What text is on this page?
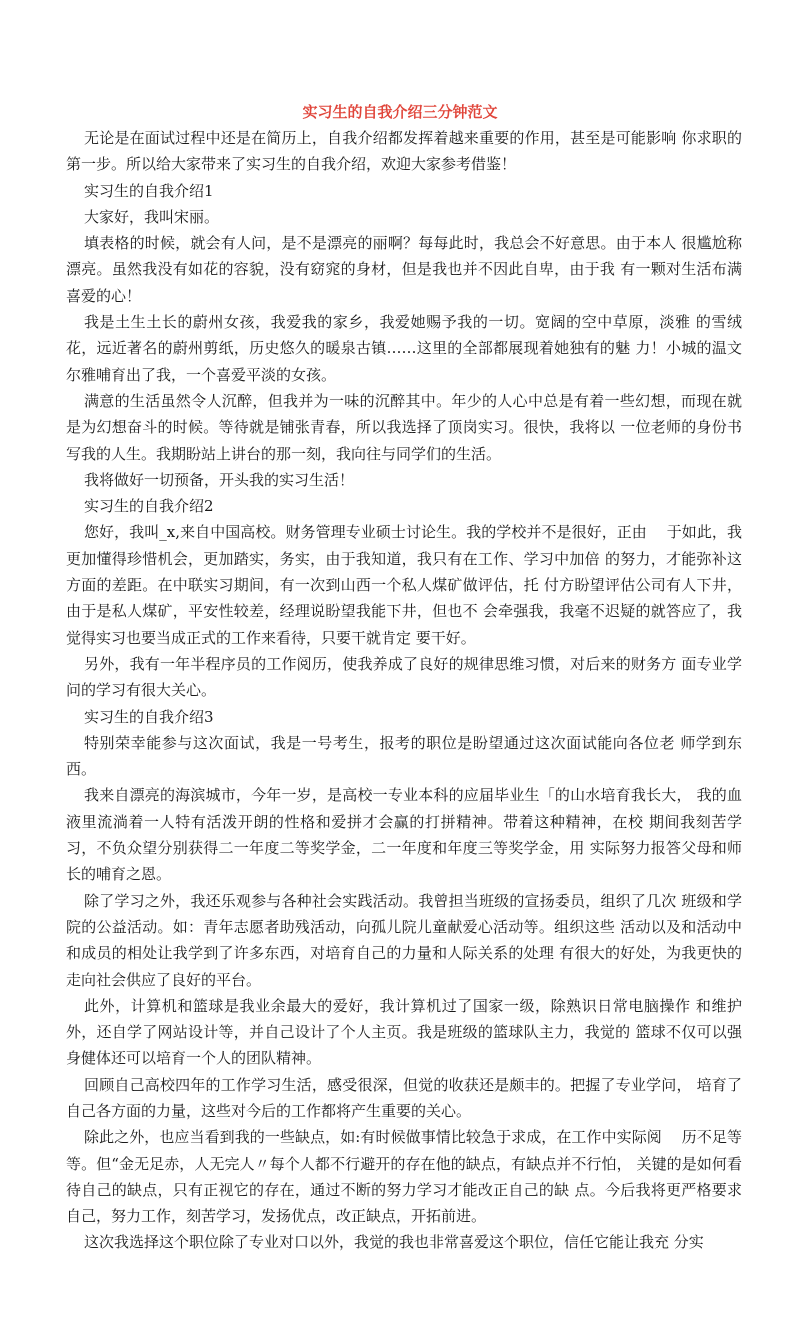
实习生的自我介绍三分钟范文

无论是在面试过程中还是在简历上，自我介绍都发挥着越来重要的作用，甚至是可能影响 你求职的第一步。所以给大家带来了实习生的自我介绍，欢迎大家参考借鉴！

实习生的自我介绍1

大家好，我叫宋丽。

填表格的时候，就会有人问，是不是漂亮的丽啊？每每此时，我总会不好意思。由于本人 很尴尬称漂亮。虽然我没有如花的容貌，没有窈窕的身材，但是我也并不因此自卑，由于我 有一颗对生活布满喜爱的心！

我是土生土长的蔚州女孩，我爱我的家乡，我爱她赐予我的一切。宽阔的空中草原，淡雅 的雪绒花，远近著名的蔚州剪纸，历史悠久的暖泉古镇……这里的全部都展现着她独有的魅 力！小城的温文尔雅哺育出了我，一个喜爱平淡的女孩。

满意的生活虽然令人沉醉，但我并为一味的沉醉其中。年少的人心中总是有着一些幻想，而现在就是为幻想奋斗的时候。等待就是铺张青春，所以我选择了顶岗实习。很快，我将以 一位老师的身份书写我的人生。我期盼站上讲台的那一刻，我向往与同学们的生活。

我将做好一切预备，开头我的实习生活！

实习生的自我介绍2

您好，我叫_x,来自中国高校。财务管理专业硕士讨论生。我的学校并不是很好，正由　 于如此，我更加懂得珍惜机会，更加踏实，务实，由于我知道，我只有在工作、学习中加倍 的努力，才能弥补这方面的差距。在中联实习期间，有一次到山西一个私人煤矿做评估，托 付方盼望评估公司有人下井，由于是私人煤矿，平安性较差，经理说盼望我能下井，但也不 会牵强我，我毫不迟疑的就答应了，我觉得实习也要当成正式的工作来看待，只要干就肯定 要干好。

另外，我有一年半程序员的工作阅历，使我养成了良好的规律思维习惯，对后来的财务方 面专业学问的学习有很大关心。

实习生的自我介绍3

特别荣幸能参与这次面试，我是一号考生，报考的职位是盼望通过这次面试能向各位老 师学到东西。

我来自漂亮的海滨城市，今年一岁，是高校一专业本科的应届毕业生「的山水培育我长大， 我的血液里流淌着一人特有活泼开朗的性格和爱拼才会赢的打拼精神。带着这种精神，在校 期间我刻苦学习，不负众望分别获得二一年度二等奖学金，二一年度和年度三等奖学金，用 实际努力报答父母和师长的哺育之恩。

除了学习之外，我还乐观参与各种社会实践活动。我曾担当班级的宣扬委员，组织了几次 班级和学院的公益活动。如：青年志愿者助残活动，向孤儿院儿童献爱心活动等。组织这些 活动以及和活动中和成员的相处让我学到了许多东西，对培育自己的力量和人际关系的处理 有很大的好处，为我更快的走向社会供应了良好的平台。

此外，计算机和篮球是我业余最大的爱好，我计算机过了国家一级，除熟识日常电脑操作 和维护外，还自学了网站设计等，并自己设计了个人主页。我是班级的篮球队主力，我觉的 篮球不仅可以强身健体还可以培育一个人的团队精神。

回顾自己高校四年的工作学习生活，感受很深，但觉的收获还是颇丰的。把握了专业学问， 培育了自己各方面的力量，这些对今后的工作都将产生重要的关心。

除此之外，也应当看到我的一些缺点，如:有时候做事情比较急于求成，在工作中实际阅　 历不足等等。但“金无足赤，人无完人〃每个人都不行避开的存在他的缺点，有缺点并不行怕， 关键的是如何看待自己的缺点，只有正视它的存在，通过不断的努力学习才能改正自己的缺 点。今后我将更严格要求自己，努力工作，刻苦学习，发扬优点，改正缺点，开拓前进。

这次我选择这个职位除了专业对口以外，我觉的我也非常喜爱这个职位，信任它能让我充 分实
